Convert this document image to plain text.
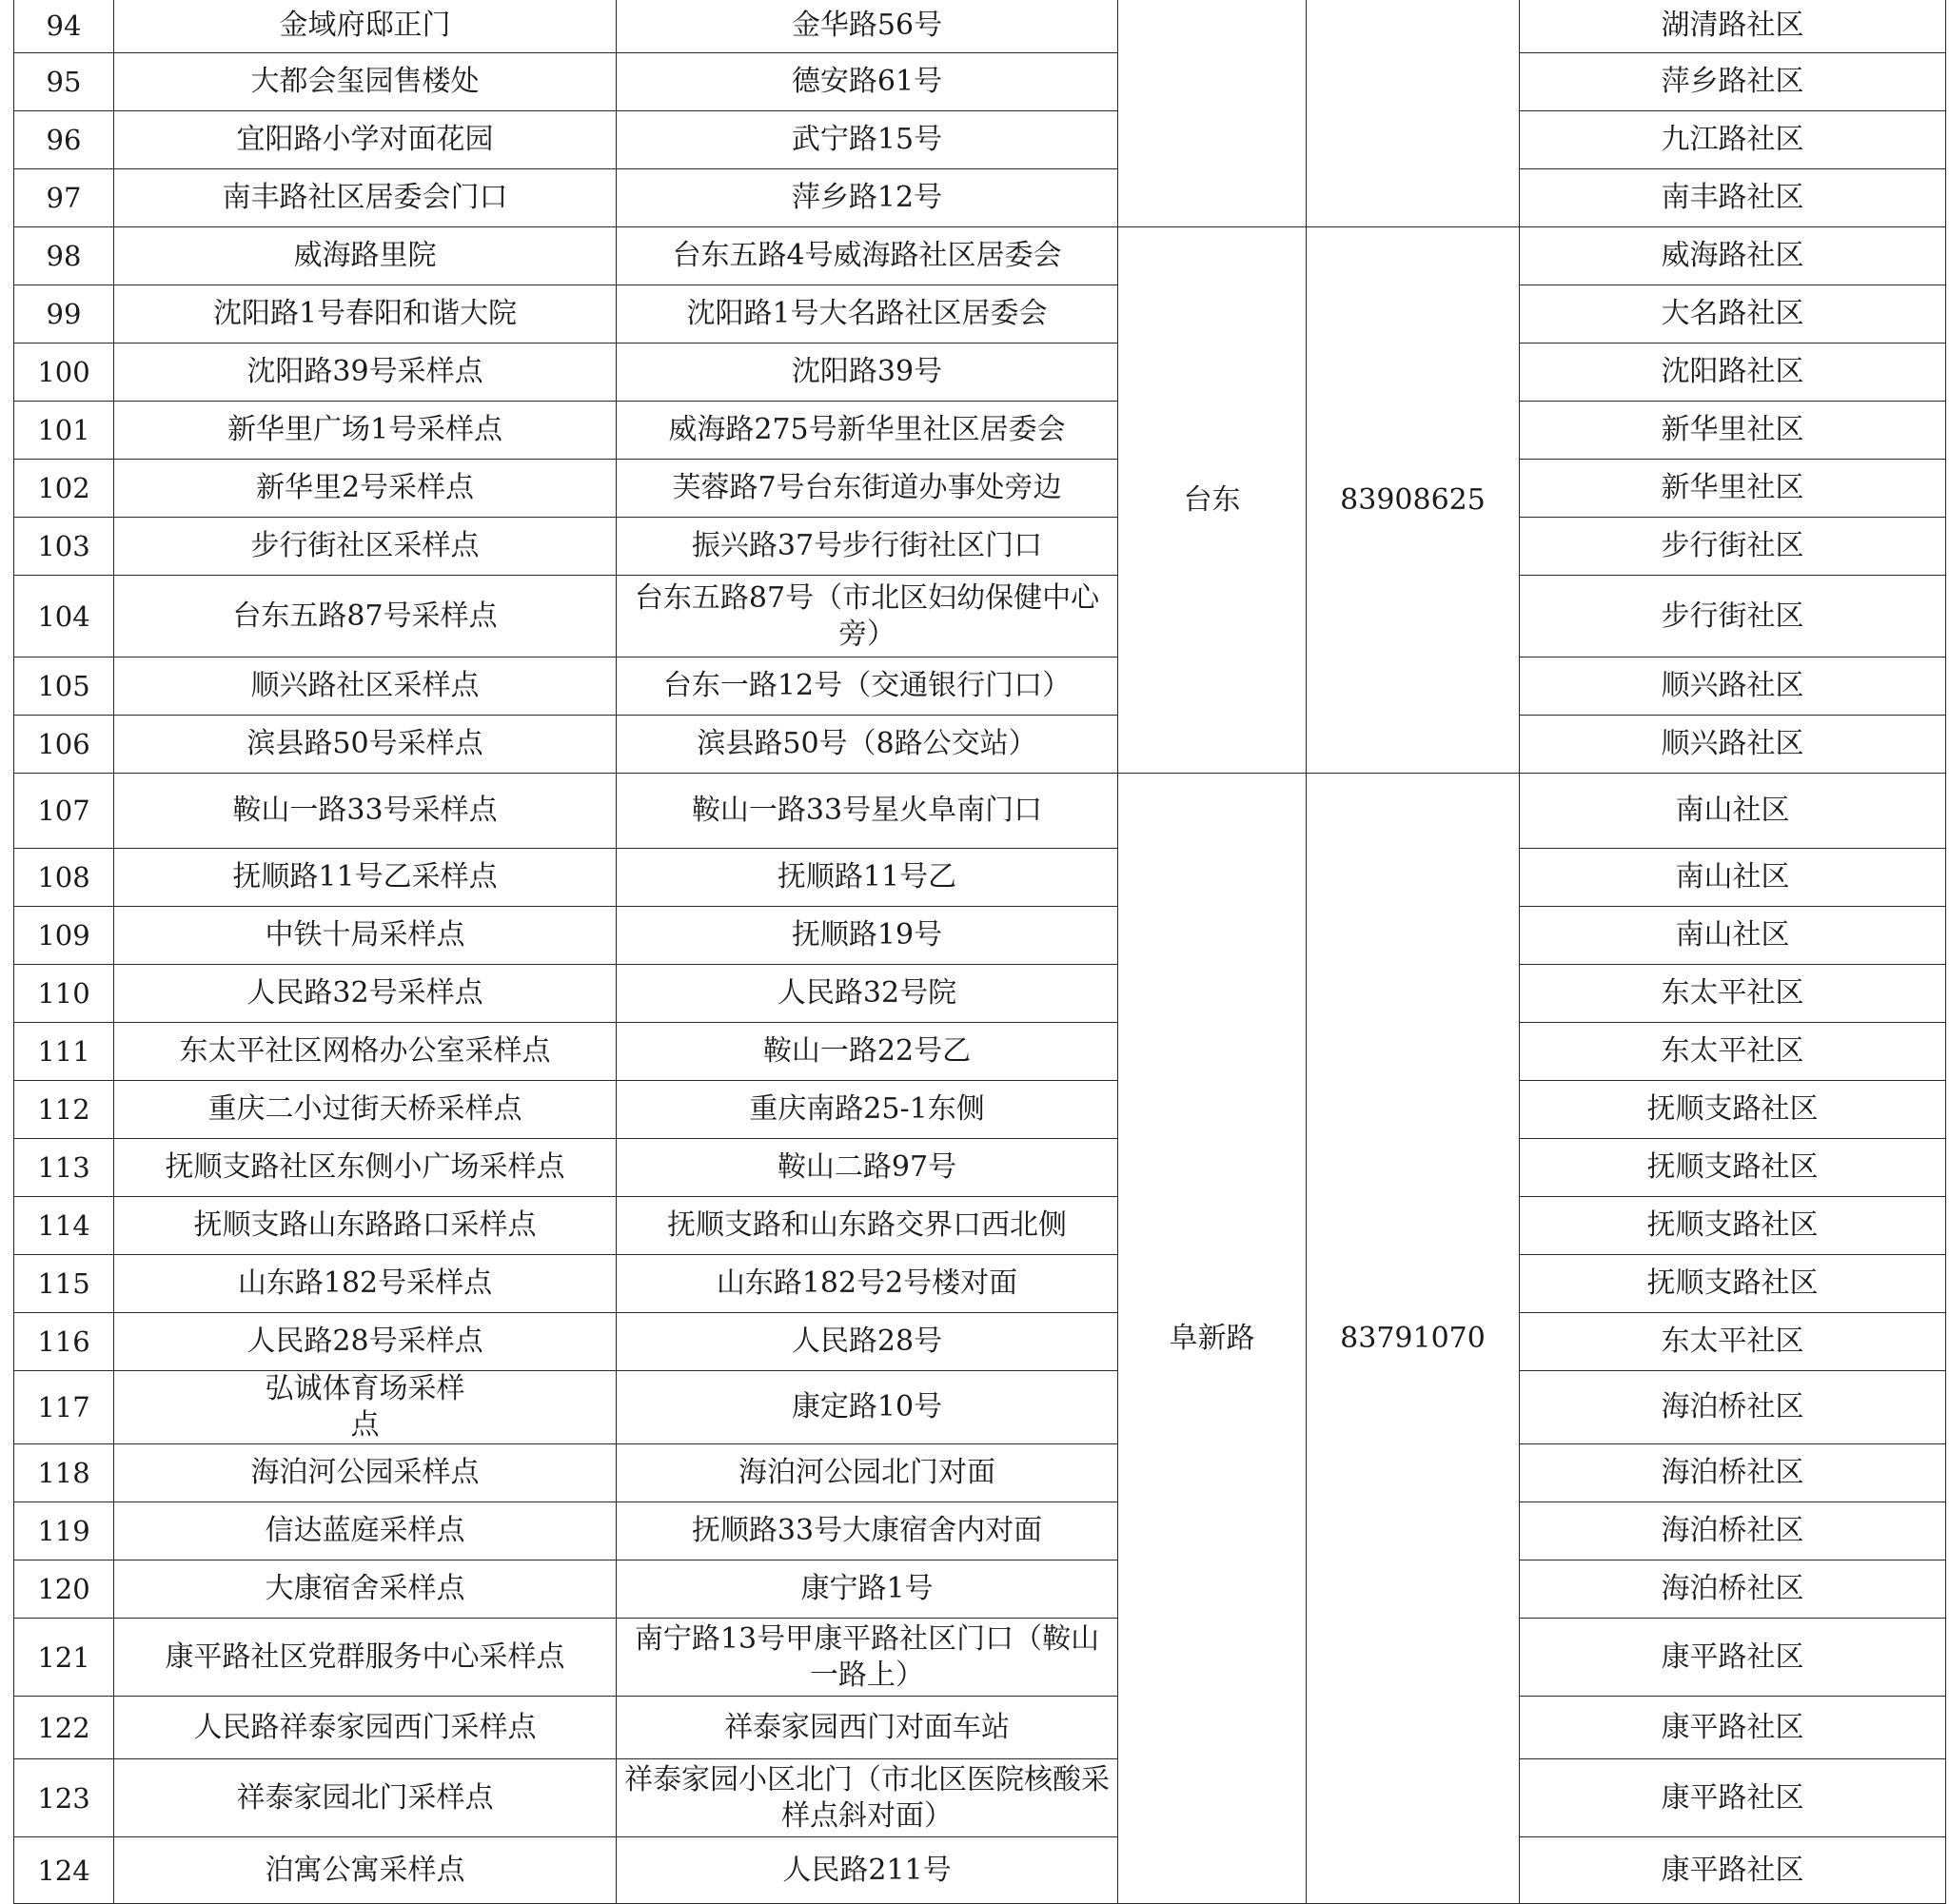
94	金域府邸正门	金华路56号			湖清路社区
95	大都会玺园售楼处	德安路61号			萍乡路社区
96	宜阳路小学对面花园	武宁路15号			九江路社区
97	南丰路社区居委会门口	萍乡路12号			南丰路社区
98	威海路里院	台东五路4号威海路社区居委会	台东	83908625	威海路社区
99	沈阳路1号春阳和谐大院	沈阳路1号大名路社区居委会			大名路社区
100	沈阳路39号采样点	沈阳路39号			沈阳路社区
101	新华里广场1号采样点	威海路275号新华里社区居委会			新华里社区
102	新华里2号采样点	芙蓉路7号台东街道办事处旁边			新华里社区
103	步行街社区采样点	振兴路37号步行街社区门口			步行街社区
104	台东五路87号采样点	台东五路87号（市北区妇幼保健中心旁）			步行街社区
105	顺兴路社区采样点	台东一路12号（交通银行门口）			顺兴路社区
106	滨县路50号采样点	滨县路50号（8路公交站）			顺兴路社区
107	鞍山一路33号采样点	鞍山一路33号星火阜南门口	阜新路	83791070	南山社区
108	抚顺路11号乙采样点	抚顺路11号乙			南山社区
109	中铁十局采样点	抚顺路19号			南山社区
110	人民路32号采样点	人民路32号院			东太平社区
111	东太平社区网格办公室采样点	鞍山一路22号乙			东太平社区
112	重庆二小过街天桥采样点	重庆南路25-1东侧			抚顺支路社区
113	抚顺支路社区东侧小广场采样点	鞍山二路97号			抚顺支路社区
114	抚顺支路山东路路口采样点	抚顺支路和山东路交界口西北侧			抚顺支路社区
115	山东路182号采样点	山东路182号2号楼对面			抚顺支路社区
116	人民路28号采样点	人民路28号			东太平社区
117	弘诚体育场采样点	康定路10号			海泊桥社区
118	海泊河公园采样点	海泊河公园北门对面			海泊桥社区
119	信达蓝庭采样点	抚顺路33号大康宿舍内对面			海泊桥社区
120	大康宿舍采样点	康宁路1号			海泊桥社区
121	康平路社区党群服务中心采样点	南宁路13号甲康平路社区门口（鞍山一路上）			康平路社区
122	人民路祥泰家园西门采样点	祥泰家园西门对面车站			康平路社区
123	祥泰家园北门采样点	祥泰家园小区北门（市北区医院核酸采样点斜对面）			康平路社区
124	泊寓公寓采样点	人民路211号			康平路社区
